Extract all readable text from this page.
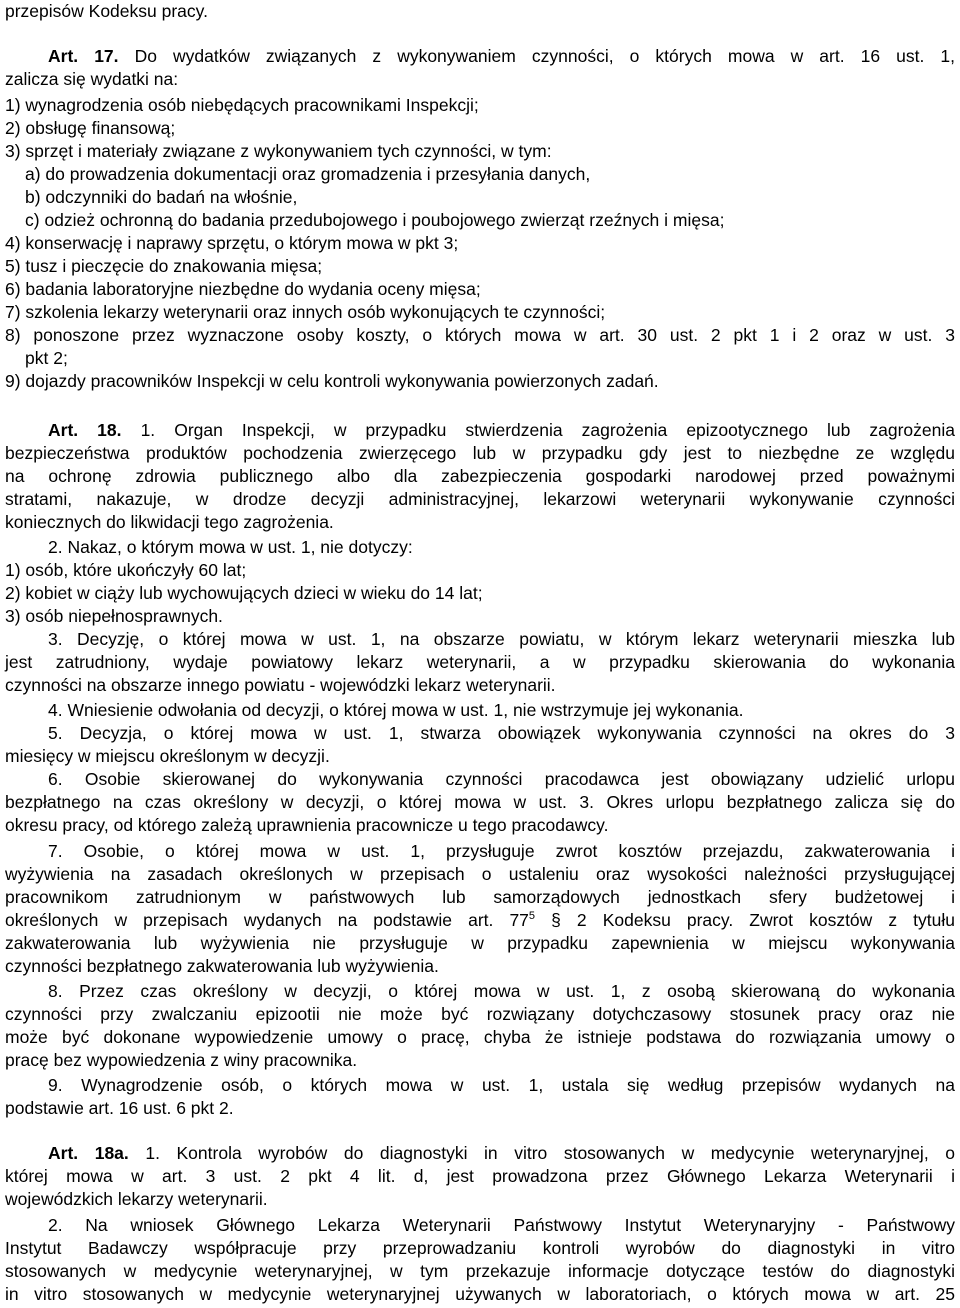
przepisów Kodeksu pracy.
Art. 17. Do wydatków związanych z wykonywaniem czynności, o których mowa w art. 16 ust. 1,
zalicza się wydatki na:
1) wynagrodzenia osób niebędących pracownikami Inspekcji;
2) obsługę finansową;
3) sprzęt i materiały związane z wykonywaniem tych czynności, w tym:
a) do prowadzenia dokumentacji oraz gromadzenia i przesyłania danych,
b) odczynniki do badań na włośnie,
c) odzież ochronną do badania przedubojowego i poubojowego zwierząt rzeźnych i mięsa;
4) konserwację i naprawy sprzętu, o którym mowa w pkt 3;
5) tusz i pieczęcie do znakowania mięsa;
6) badania laboratoryjne niezbędne do wydania oceny mięsa;
7) szkolenia lekarzy weterynarii oraz innych osób wykonujących te czynności;
8) ponoszone przez wyznaczone osoby koszty, o których mowa w art. 30 ust. 2 pkt 1 i 2 oraz w ust. 3
pkt 2;
9) dojazdy pracowników Inspekcji w celu kontroli wykonywania powierzonych zadań.
Art. 18. 1. Organ Inspekcji, w przypadku stwierdzenia zagrożenia epizootycznego lub zagrożenia
bezpieczeństwa produktów pochodzenia zwierzęcego lub w przypadku gdy jest to niezbędne ze względu
na ochronę zdrowia publicznego albo dla zabezpieczenia gospodarki narodowej przed poważnymi
stratami, nakazuje, w drodze decyzji administracyjnej, lekarzowi weterynarii wykonywanie czynności
koniecznych do likwidacji tego zagrożenia.
2. Nakaz, o którym mowa w ust. 1, nie dotyczy:
1) osób, które ukończyły 60 lat;
2) kobiet w ciąży lub wychowujących dzieci w wieku do 14 lat;
3) osób niepełnosprawnych.
3. Decyzję, o której mowa w ust. 1, na obszarze powiatu, w którym lekarz weterynarii mieszka lub
jest zatrudniony, wydaje powiatowy lekarz weterynarii, a w przypadku skierowania do wykonania
czynności na obszarze innego powiatu - wojewódzki lekarz weterynarii.
4. Wniesienie odwołania od decyzji, o której mowa w ust. 1, nie wstrzymuje jej wykonania.
5. Decyzja, o której mowa w ust. 1, stwarza obowiązek wykonywania czynności na okres do 3
miesięcy w miejscu określonym w decyzji.
6. Osobie skierowanej do wykonywania czynności pracodawca jest obowiązany udzielić urlopu
bezpłatnego na czas określony w decyzji, o której mowa w ust. 3. Okres urlopu bezpłatnego zalicza się do
okresu pracy, od którego zależą uprawnienia pracownicze u tego pracodawcy.
7. Osobie, o której mowa w ust. 1, przysługuje zwrot kosztów przejazdu, zakwaterowania i
wyżywienia na zasadach określonych w przepisach o ustaleniu oraz wysokości należności przysługującej
pracownikom zatrudnionym w państwowych lub samorządowych jednostkach sfery budżetowej i
określonych w przepisach wydanych na podstawie art. $77^5$ § 2 Kodeksu pracy. Zwrot kosztów z tytułu
zakwaterowania lub wyżywienia nie przysługuje w przypadku zapewnienia w miejscu wykonywania
czynności bezpłatnego zakwaterowania lub wyżywienia.
8. Przez czas określony w decyzji, o której mowa w ust. 1, z osobą skierowaną do wykonania
czynności przy zwalczaniu epizootii nie może być rozwiązany dotychczasowy stosunek pracy oraz nie
może być dokonane wypowiedzenie umowy o pracę, chyba że istnieje podstawa do rozwiązania umowy o
pracę bez wypowiedzenia z winy pracownika.
9. Wynagrodzenie osób, o których mowa w ust. 1, ustala się według przepisów wydanych na
podstawie art. 16 ust. 6 pkt 2.
Art. 18a. 1. Kontrola wyrobów do diagnostyki in vitro stosowanych w medycynie weterynaryjnej, o
której mowa w art. 3 ust. 2 pkt 4 lit. d, jest prowadzona przez Głównego Lekarza Weterynarii i
wojewódzkich lekarzy weterynarii.
2. Na wniosek Głównego Lekarza Weterynarii Państwowy Instytut Weterynaryjny - Państwowy
Instytut Badawczy współpracuje przy przeprowadzaniu kontroli wyrobów do diagnostyki in vitro
stosowanych w medycynie weterynaryjnej, w tym przekazuje informacje dotyczące testów do diagnostyki
in vitro stosowanych w medycynie weterynaryjnej używanych w laboratoriach, o których mowa w art. 25
